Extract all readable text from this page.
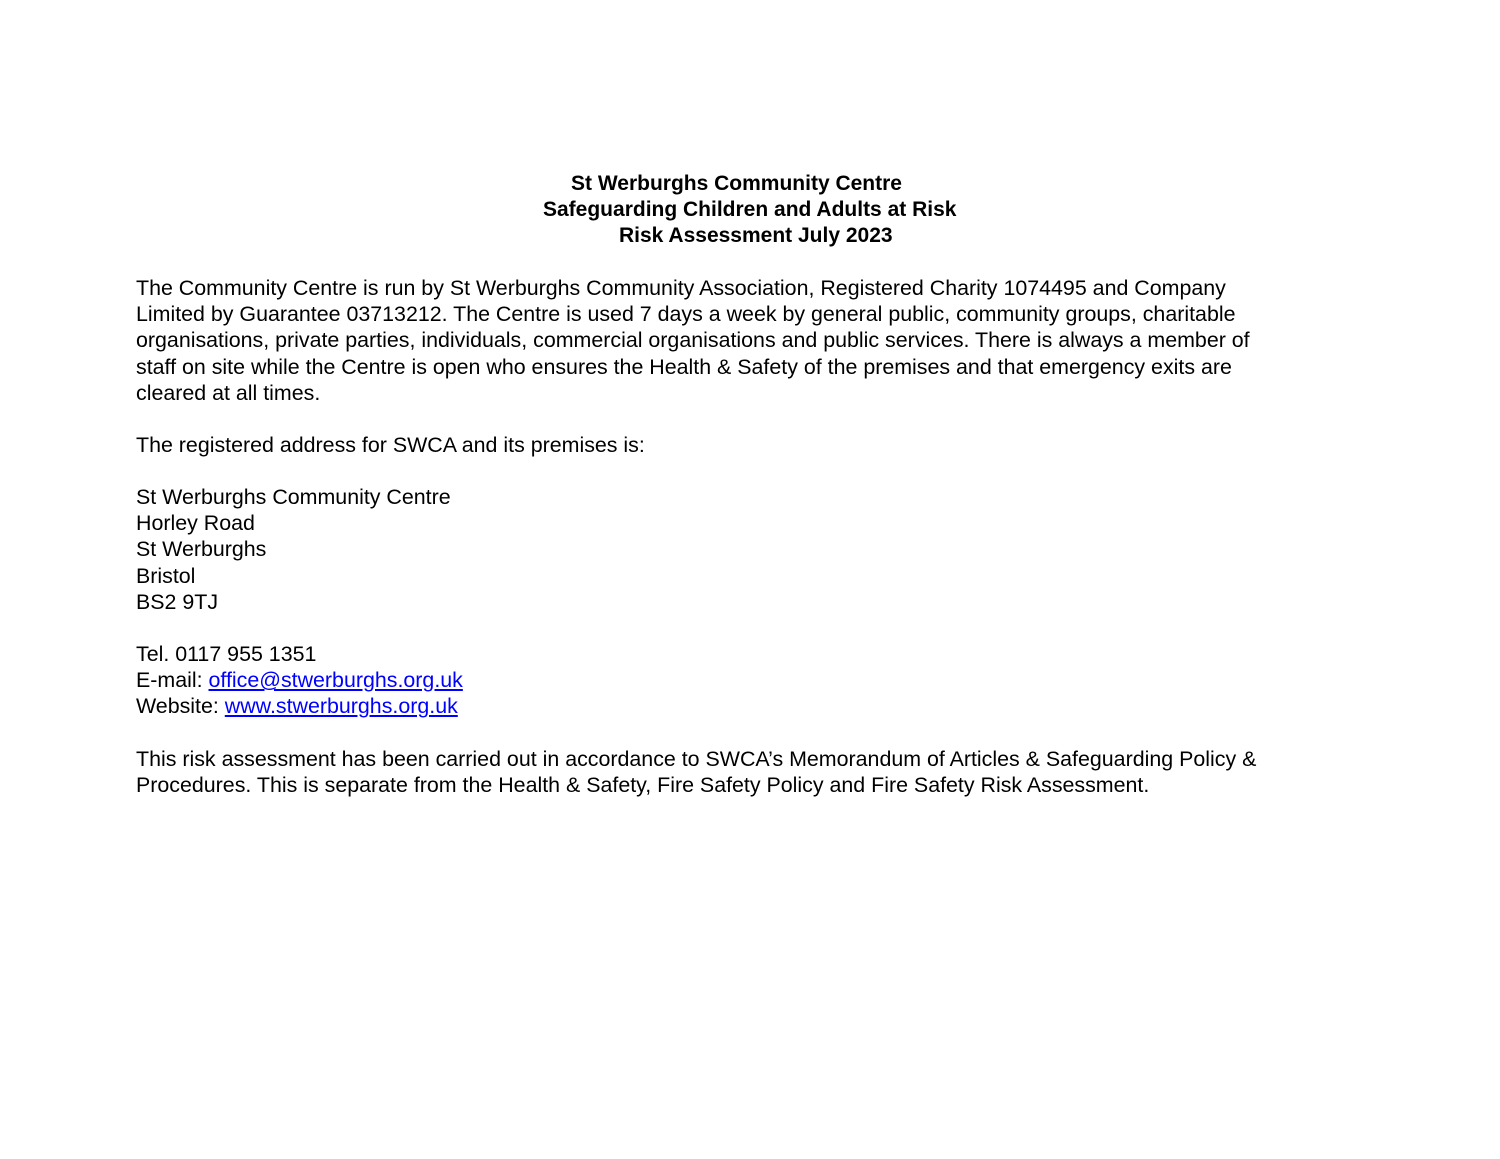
St Werburghs Community Centre
Safeguarding Children and Adults at Risk
Risk Assessment July 2023

The Community Centre is run by St Werburghs Community Association, Registered Charity 1074495 and Company
Limited by Guarantee 03713212. The Centre is used 7 days a week by general public, community groups, charitable
organisations, private parties, individuals, commercial organisations and public services. There is always a member of
staff on site while the Centre is open who ensures the Health & Safety of the premises and that emergency exits are
cleared at all times.

The registered address for SWCA and its premises is:

St Werburghs Community Centre
Horley Road
St Werburghs
Bristol
BS2 9TJ

Tel. 0117 955 1351
E-mail: office@stwerburghs.org.uk
Website: www.stwerburghs.org.uk

This risk assessment has been carried out in accordance to SWCA’s Memorandum of Articles & Safeguarding Policy &
Procedures. This is separate from the Health & Safety, Fire Safety Policy and Fire Safety Risk Assessment.
